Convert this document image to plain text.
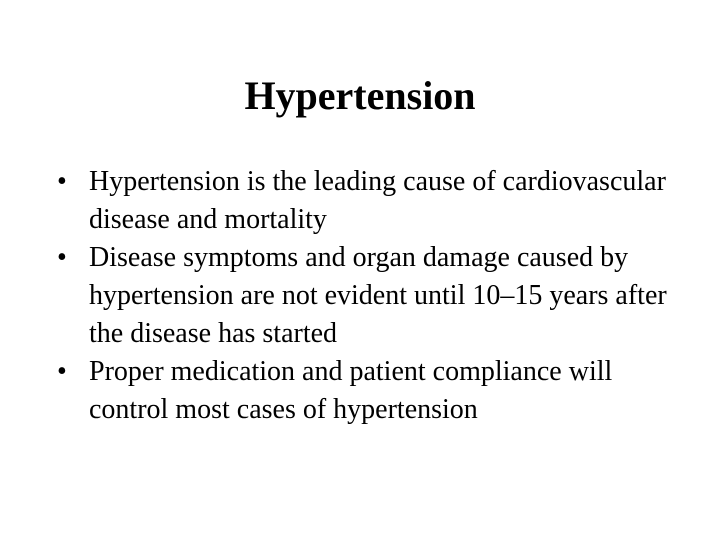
Hypertension
• Hypertension is the leading cause of cardiovascular disease and mortality
• Disease symptoms and organ damage caused by hypertension are not evident until 10–15 years after the disease has started
• Proper medication and patient compliance will control most cases of hypertension
